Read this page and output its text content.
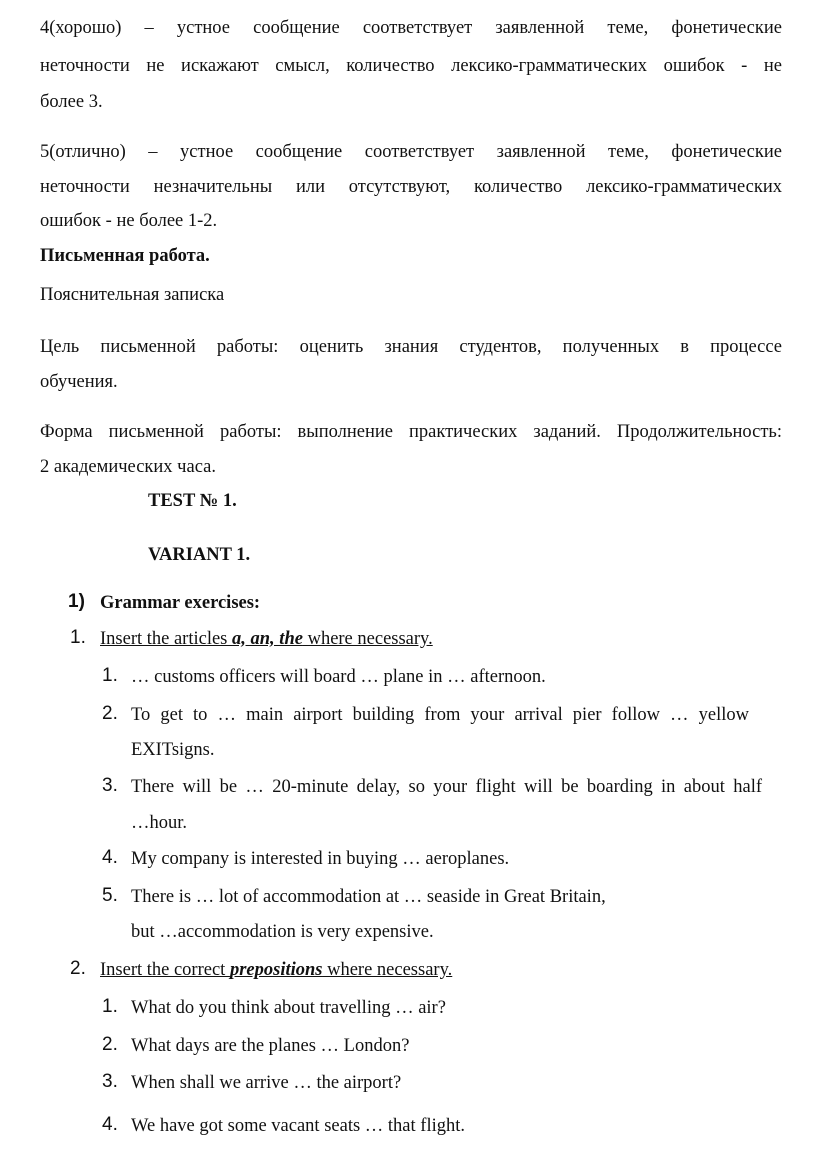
4(хорошо) – устное сообщение соответствует заявленной теме, фонетические
неточности не искажают смысл, количество лексико-грамматических ошибок - не
более 3.
5(отлично) – устное сообщение соответствует заявленной теме, фонетические
неточности незначительны или отсутствуют, количество лексико-грамматических
ошибок - не более 1-2.
Письменная работа.
Пояснительная записка
Цель письменной работы: оценить знания студентов, полученных в процессе
обучения.
Форма письменной работы: выполнение практических заданий. Продолжительность:
2 академических часа.
TEST № 1.
VARIANT 1.
1) Grammar exercises:
1. Insert the articles a, an, the where necessary.
1. … customs officers will board … plane in … afternoon.
2. To get to … main airport building from your arrival pier follow … yellow
EXITsigns.
3. There will be … 20-minute delay, so your flight will be boarding in about half
…hour.
4. My company is interested in buying … aeroplanes.
5. There is … lot of accommodation at … seaside in Great Britain,
but …accommodation is very expensive.
2. Insert the correct prepositions where necessary.
1. What do you think about travelling … air?
2. What days are the planes … London?
3. When shall we arrive … the airport?
4. We have got some vacant seats … that flight.
